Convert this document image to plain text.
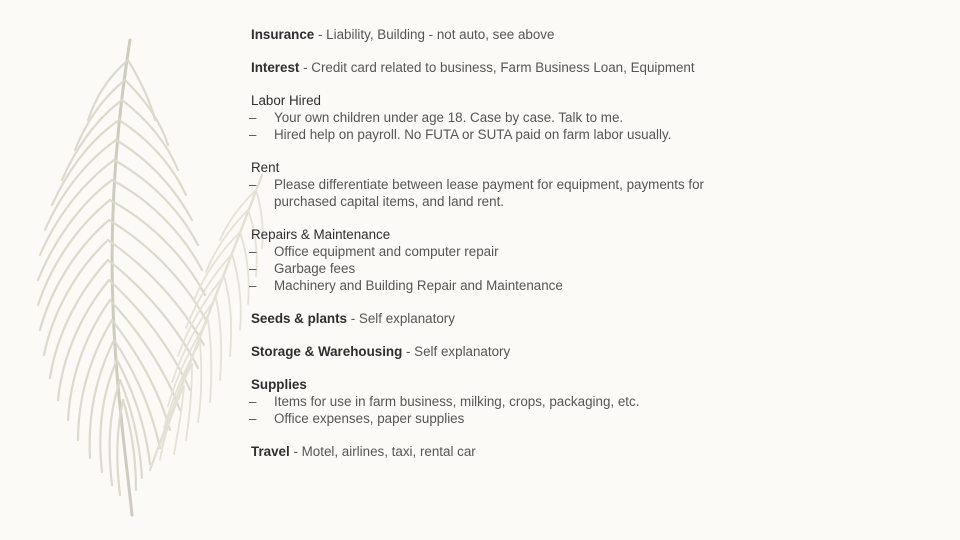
Insurance - Liability, Building - not auto, see above
Interest - Credit card related to business, Farm Business Loan, Equipment
Labor Hired
– Your own children under age 18. Case by case. Talk to me.
– Hired help on payroll. No FUTA or SUTA paid on farm labor usually.
Rent
– Please differentiate between lease payment for equipment, payments for purchased capital items, and land rent.
Repairs & Maintenance
– Office equipment and computer repair
– Garbage fees
– Machinery and Building Repair and Maintenance
Seeds & plants - Self explanatory
Storage & Warehousing - Self explanatory
Supplies
– Items for use in farm business, milking, crops, packaging, etc.
– Office expenses, paper supplies
Travel - Motel, airlines, taxi, rental car
